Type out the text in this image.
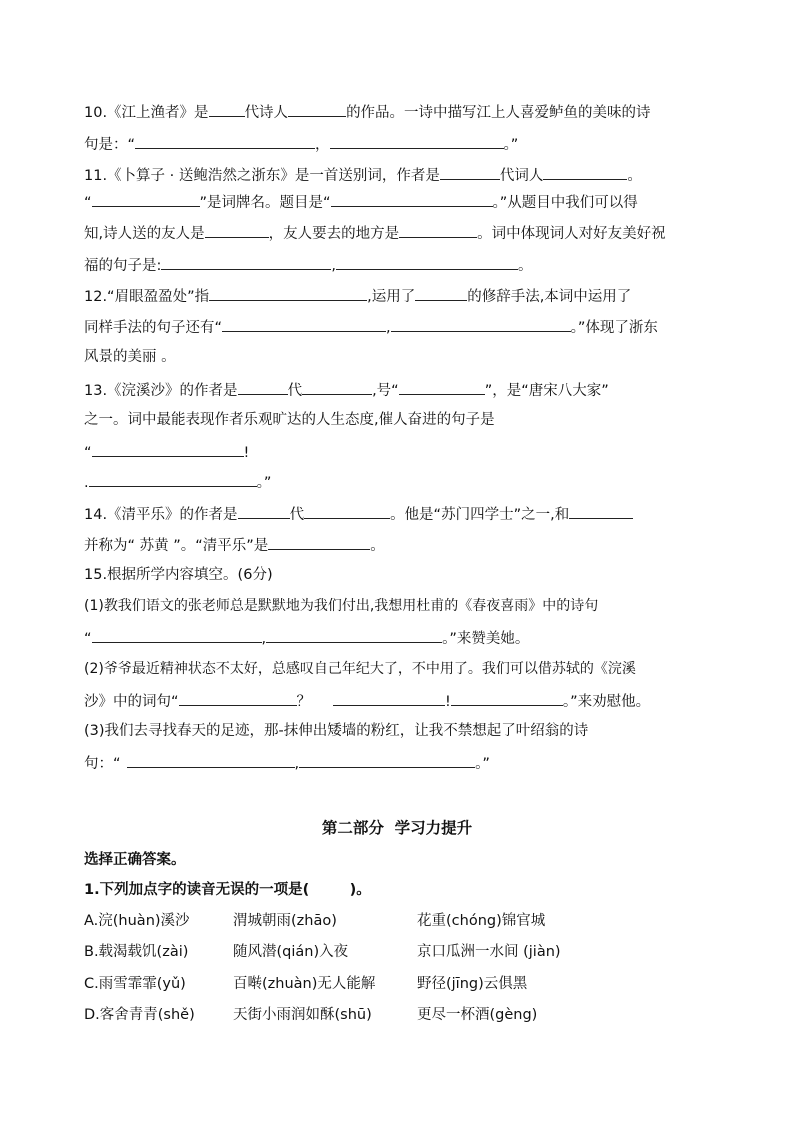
10.《江上渔者》是 代诗人	的作品。一诗中描写江上人喜爱鲈鱼的美味的诗
句是：“	，	。”
11.《卜算子 · 送鲍浩然之浙东》是一首送别词，作者是	代词人	。
“	”是词牌名。题目是“	。”从题目中我们可以得
知,诗人送的友人是	，友人要去的地方是	。词中体现词人对好友美好祝
福的句子是:	,	。
12.“眉眼盈盈处”指	,运用了	的修辞手法,本词中运用了
同样手法的句子还有“	,	。”体现了浙东
风景的美丽 。
13.《浣溪沙》的作者是	代	,号“	”，是“唐宋八大家”
之一。词中最能表现作者乐观旷达的人生态度,催人奋进的句子是
“	!
.	。”
14.《清平乐》的作者是	代	。他是“苏门四学士”之一,和
并称为“ 苏黄 ”。“清平乐”是	。
15.根据所学内容填空。(6分)
(1)教我们语文的张老师总是默默地为我们付出,我想用杜甫的《春夜喜雨》中的诗句
“	,	。”来赞美她。
(2)爷爷最近精神状态不太好，总感叹自己年纪大了，不中用了。我们可以借苏轼的《浣溪
沙》中的词句“	？	!	。”来劝慰他。
(3)我们去寻找春天的足迹，那-抹伸出矮墙的粉红，让我不禁想起了叶绍翁的诗
句：“	,	。”
第二部分  学习力提升
选择正确答案。
1.下列加点字的读音无误的一项是(        )。
A.浣(huàn)溪沙	渭城朝雨(zhāo)	花重(chóng)锦官城
B.载渴载饥(zài)	随风潜(qián)入夜	京口瓜洲一水间 (jiàn)
C.雨雪霏霏(yǔ)	百啭(zhuàn)无人能解	野径(jīng)云俱黑
D.客舍青青(shě)	天街小雨润如酥(shū)	更尽一杯酒(gèng)
